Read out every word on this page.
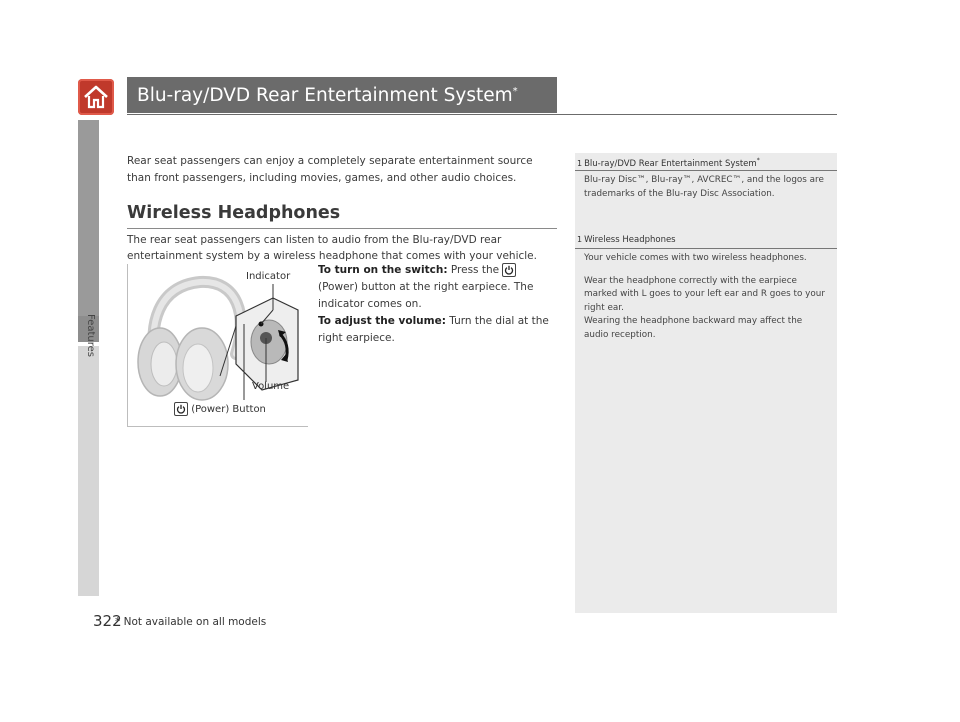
Features
Blu-ray/DVD Rear Entertainment System*
Rear seat passengers can enjoy a completely separate entertainment source than front passengers, including movies, games, and other audio choices.
Wireless Headphones
The rear seat passengers can listen to audio from the Blu-ray/DVD rear entertainment system by a wireless headphone that comes with your vehicle.
Indicator
Volume
(Power) Button
To turn on the switch: Press the
(Power) button at the right earpiece. The indicator comes on.
To adjust the volume: Turn the dial at the right earpiece.
1 Blu-ray/DVD Rear Entertainment System*

Blu-ray Disc™, Blu-ray™, AVCREC™, and the logos are trademarks of the Blu-ray Disc Association.

1 Wireless Headphones

Your vehicle comes with two wireless headphones.

Wear the headphone correctly with the earpiece marked with L goes to your left ear and R goes to your right ear.

Wearing the headphone backward may affect the audio reception.

322
* Not available on all models
